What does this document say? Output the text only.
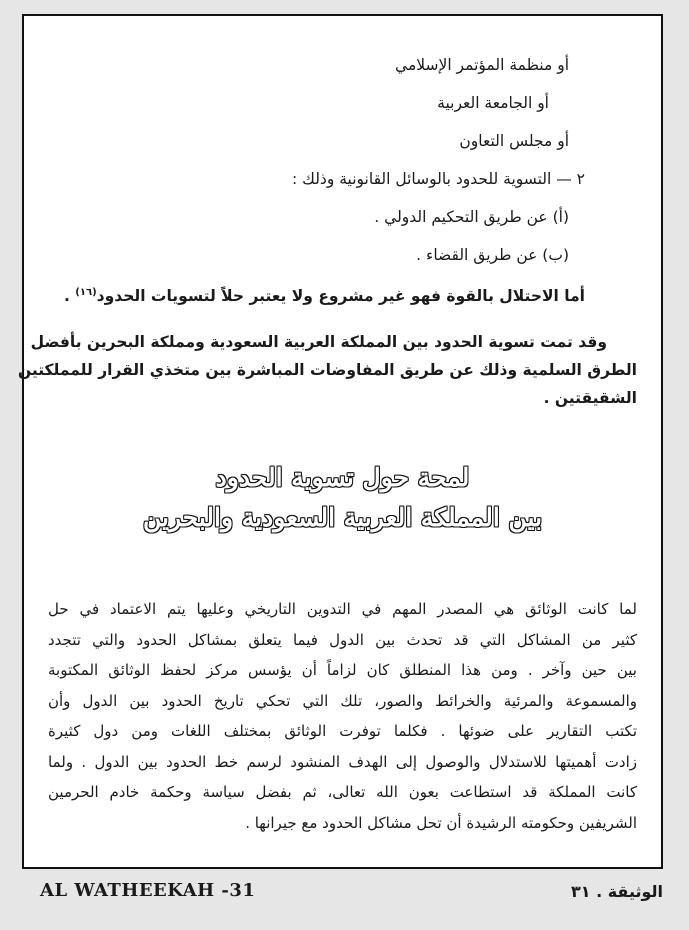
أو منظمة المؤتمر الإسلامي
أو الجامعة العربية
أو مجلس التعاون
٢ — التسوية للحدود بالوسائل القانونية وذلك :
(أ) عن طريق التحكيم الدولي .
(ب) عن طريق القضاء .
أما الاحتلال بالقوة فهو غير مشروع ولا يعتبر حلاً لتسويات الحدود$^{(١٦)}$ .
وقد تمت تسوية الحدود بين المملكة العربية السعودية ومملكة البحرين بأفضل
الطرق السلمية وذلك عن طريق المفاوضات المباشرة بين متخذي القرار للمملكتين
الشقيقتين .
لمحة حول تسوية الحدود
بين المملكة العربية السعودية والبحرين
لما كانت الوثائق هي المصدر المهم في التدوين التاريخي وعليها يتم الاعتماد في حل
كثير من المشاكل التي قد تحدث بين الدول فيما يتعلق بمشاكل الحدود والتي تتجدد
بين حين وآخر . ومن هذا المنطلق كان لزاماً أن يؤسس مركز لحفظ الوثائق المكتوبة
والمسموعة والمرئية والخرائط والصور، تلك التي تحكي تاريخ الحدود بين الدول وأن
تكتب التقارير على ضوئها . فكلما توفرت الوثائق بمختلف اللغات ومن دول كثيرة
زادت أهميتها للاستدلال والوصول إلى الهدف المنشود لرسم خط الحدود بين الدول . ولما
كانت المملكة قد استطاعت بعون الله تعالى، ثم بفضل سياسة وحكمة خادم الحرمين
الشريفين وحكومته الرشيدة أن تحل مشاكل الحدود مع جيرانها .
الوثيقة . ٣١
AL WATHEEKAH -31
